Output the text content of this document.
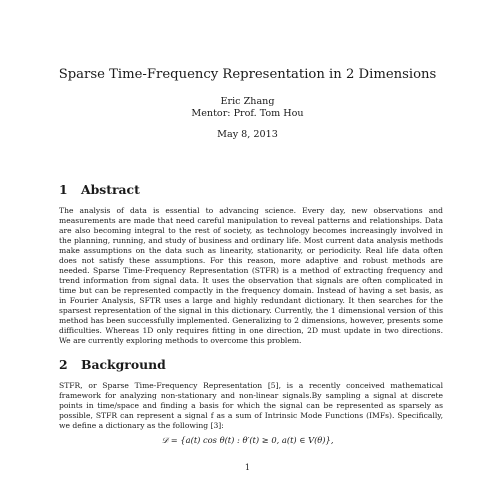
Sparse Time-Frequency Representation in 2 Dimensions
Eric Zhang
Mentor: Prof. Tom Hou
May 8, 2013
1 Abstract

The analysis of data is essential to advancing science. Every day, new observations and measurements are made that need careful manipulation to reveal patterns and relationships. Data are also becoming integral to the rest of society, as technology becomes increasingly involved in the planning, running, and study of business and ordinary life. Most current data analysis methods make assumptions on the data such as linearity, stationarity, or periodicity. Real life data often does not satisfy these assumptions. For this reason, more adaptive and robust methods are needed. Sparse Time-Frequency Representation (STFR) is a method of extracting frequency and trend information from signal data. It uses the observation that signals are often complicated in time but can be represented compactly in the frequency domain. Instead of having a set basis, as in Fourier Analysis, SFTR uses a large and highly redundant dictionary. It then searches for the sparsest representation of the signal in this dictionary. Currently, the 1 dimensional version of this method has been successfully implemented. Generalizing to 2 dimensions, however, presents some difficulties. Whereas 1D only requires fitting in one direction, 2D must update in two directions. We are currently exploring methods to overcome this problem.

2 Background

STFR, or Sparse Time-Frequency Representation [5], is a recently conceived mathematical framework for analyzing non-stationary and non-linear signals.By sampling a signal at discrete points in time/space and finding a basis for which the signal can be represented as sparsely as possible, STFR can represent a signal f as a sum of Intrinsic Mode Functions (IMFs). Specifically, we define a dictionary as the following [3]:

𝒟 = {a(t) cos θ(t) : θ′(t) ≥ 0, a(t) ∈ V(θ)},
1
